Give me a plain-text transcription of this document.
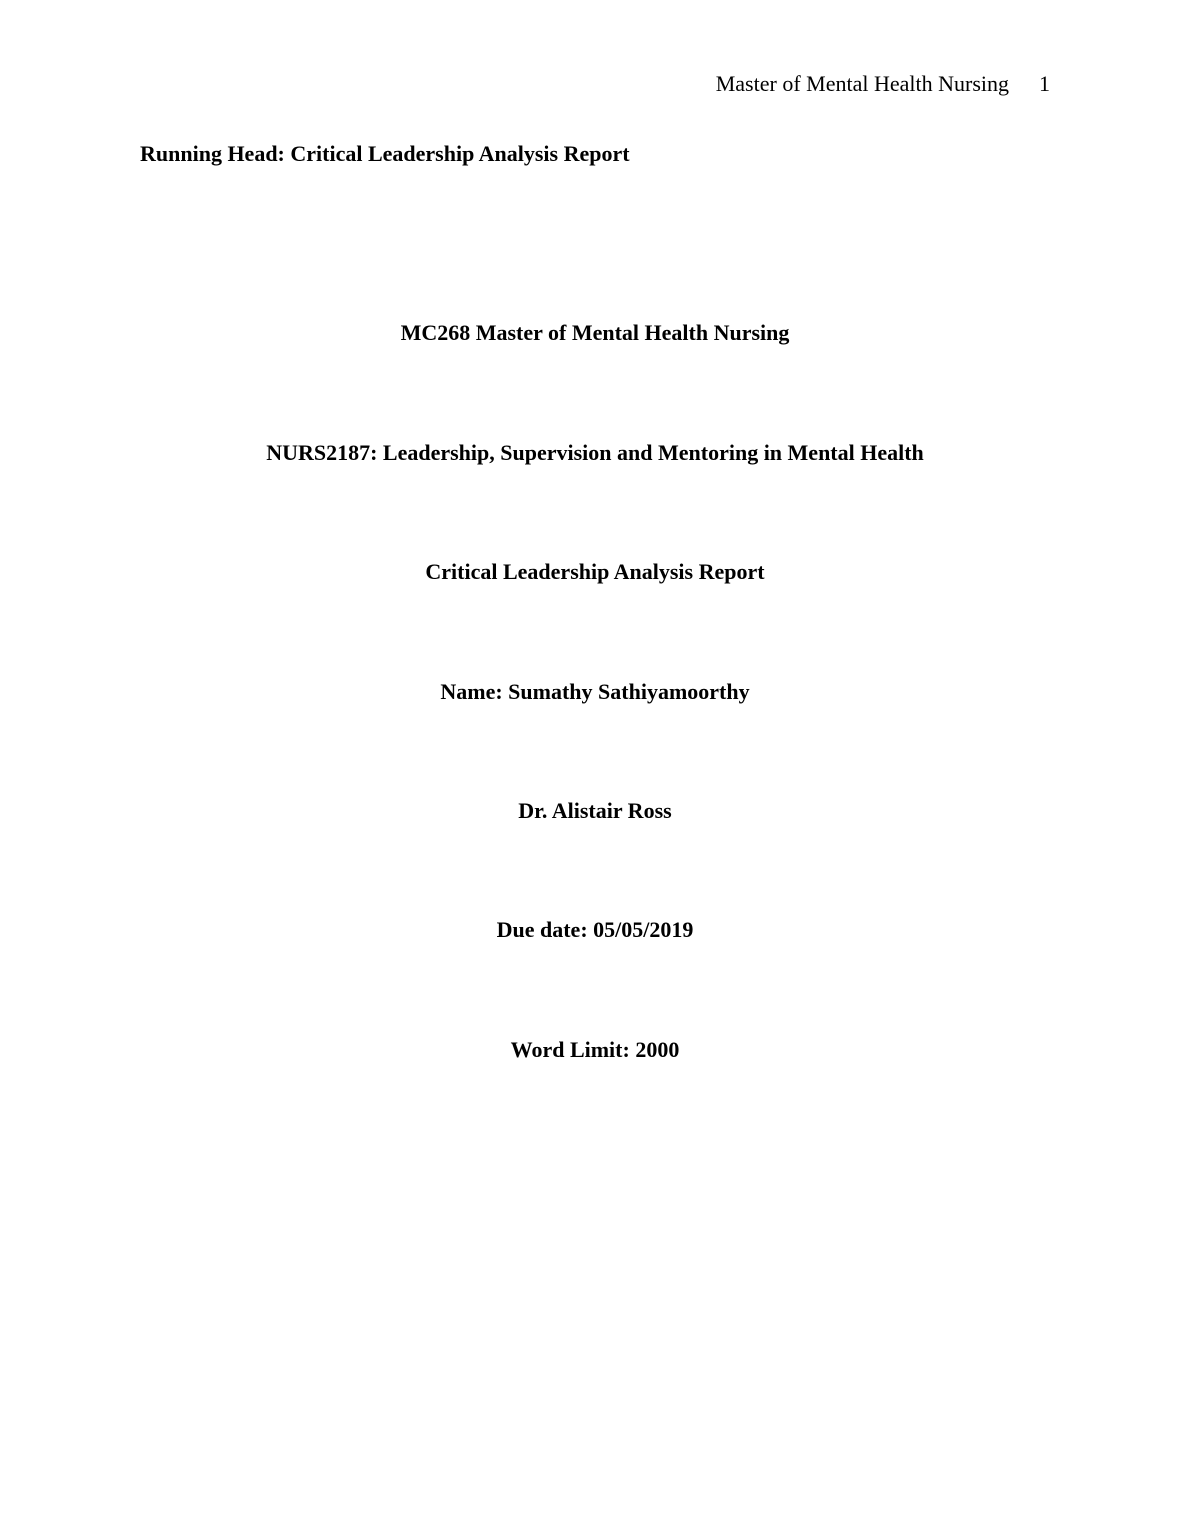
Master of Mental Health Nursing 1
Running Head: Critical Leadership Analysis Report
MC268 Master of Mental Health Nursing
NURS2187: Leadership, Supervision and Mentoring in Mental Health
Critical Leadership Analysis Report
Name: Sumathy Sathiyamoorthy
Dr. Alistair Ross
Due date: 05/05/2019
Word Limit: 2000
